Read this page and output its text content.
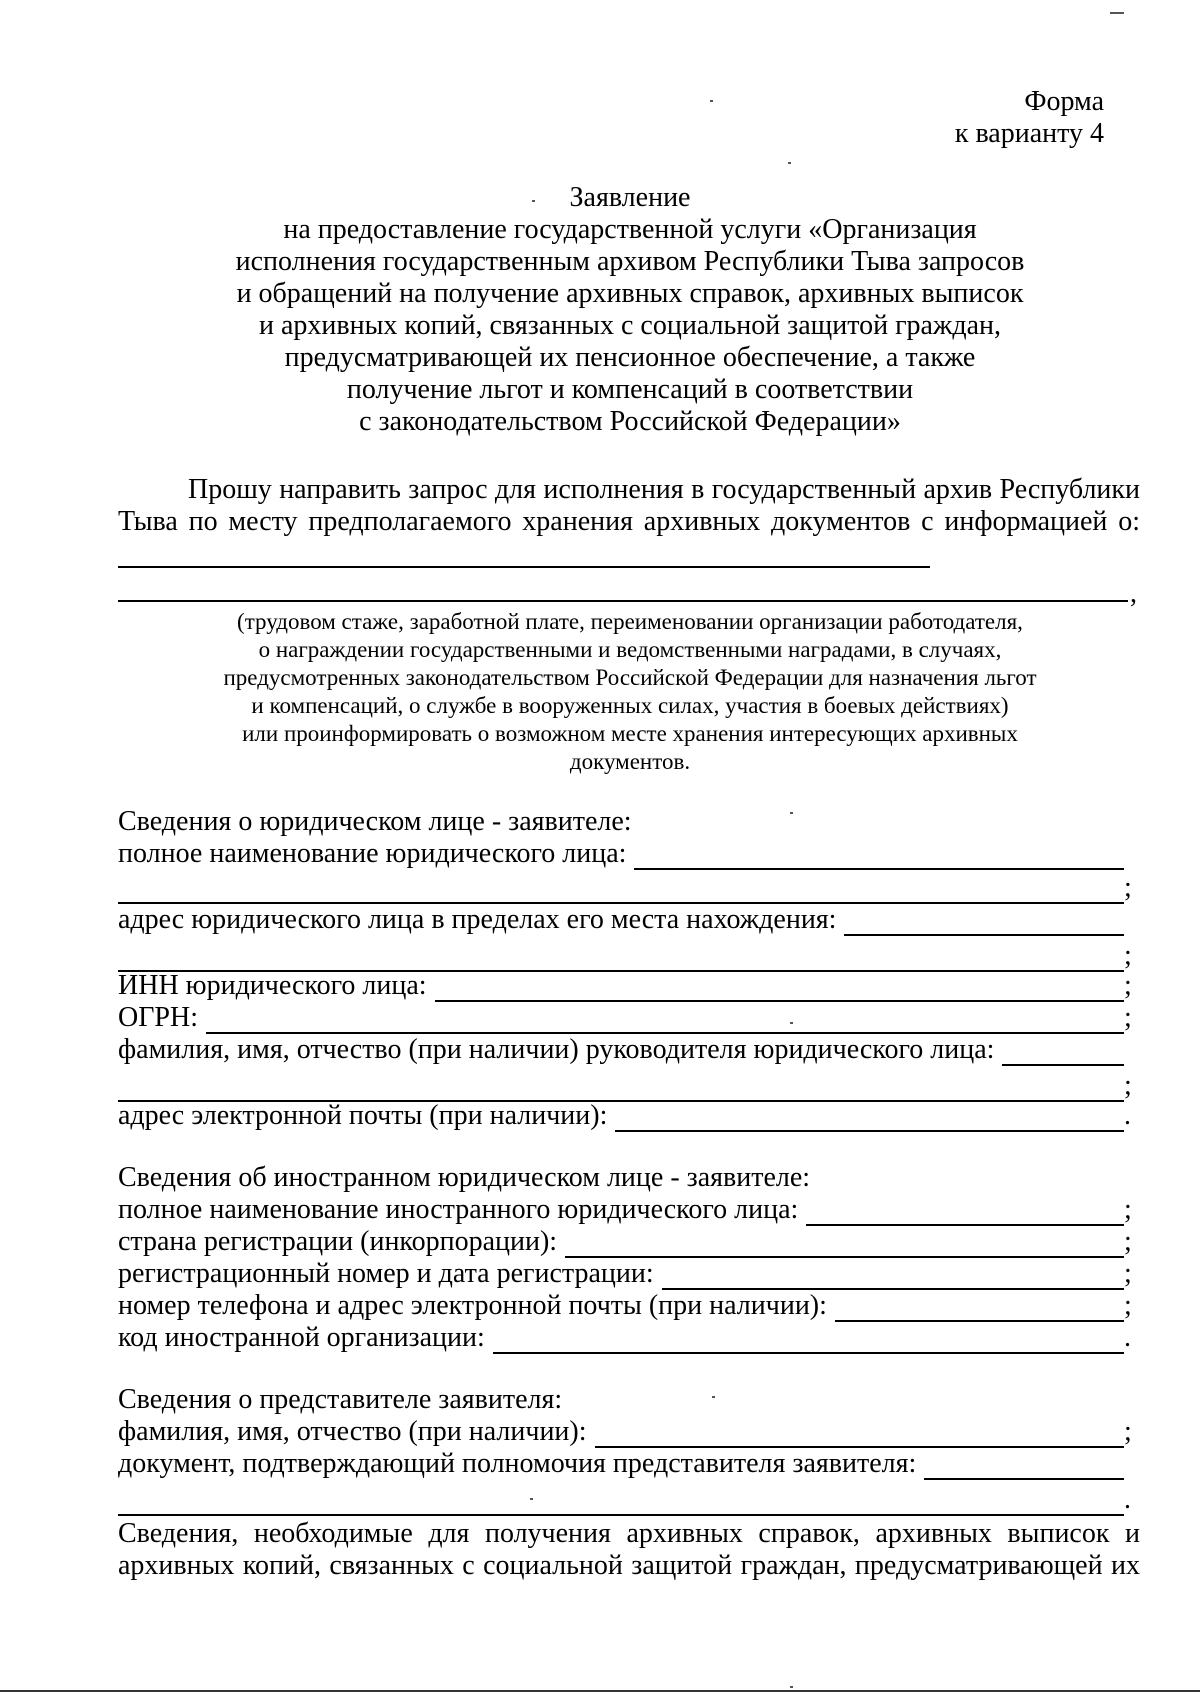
Форма
к варианту 4
Заявление
на предоставление государственной услуги «Организация
исполнения государственным архивом Республики Тыва запросов
и обращений на получение архивных справок, архивных выписок
и архивных копий, связанных с социальной защитой граждан,
предусматривающей их пенсионное обеспечение, а также
получение льгот и компенсаций в соответствии
с законодательством Российской Федерации»
Прошу направить запрос для исполнения в государственный архив Республики
Тыва по месту предполагаемого хранения архивных документов с информацией о:
,
(трудовом стаже, заработной плате, переименовании организации работодателя,
о награждении государственными и ведомственными наградами, в случаях,
предусмотренных законодательством Российской Федерации для назначения льгот
и компенсаций, о службе в вооруженных силах, участия в боевых действиях)
или проинформировать о возможном месте хранения интересующих архивных
документов.
Сведения о юридическом лице - заявителе:
полное наименование юридического лица:
;
адрес юридического лица в пределах его места нахождения:
;
ИНН юридического лица:	;
ОГРН:	;
фамилия, имя, отчество (при наличии) руководителя юридического лица:
;
адрес электронной почты (при наличии):	.
Сведения об иностранном юридическом лице - заявителе:
полное наименование иностранного юридического лица:	;
страна регистрации (инкорпорации):	;
регистрационный номер и дата регистрации:	;
номер телефона и адрес электронной почты (при наличии):	;
код иностранной организации:	.
Сведения о представителе заявителя:
фамилия, имя, отчество (при наличии):	;
документ, подтверждающий полномочия представителя заявителя:
.
Сведения, необходимые для получения архивных справок, архивных выписок и
архивных копий, связанных с социальной защитой граждан, предусматривающей их
